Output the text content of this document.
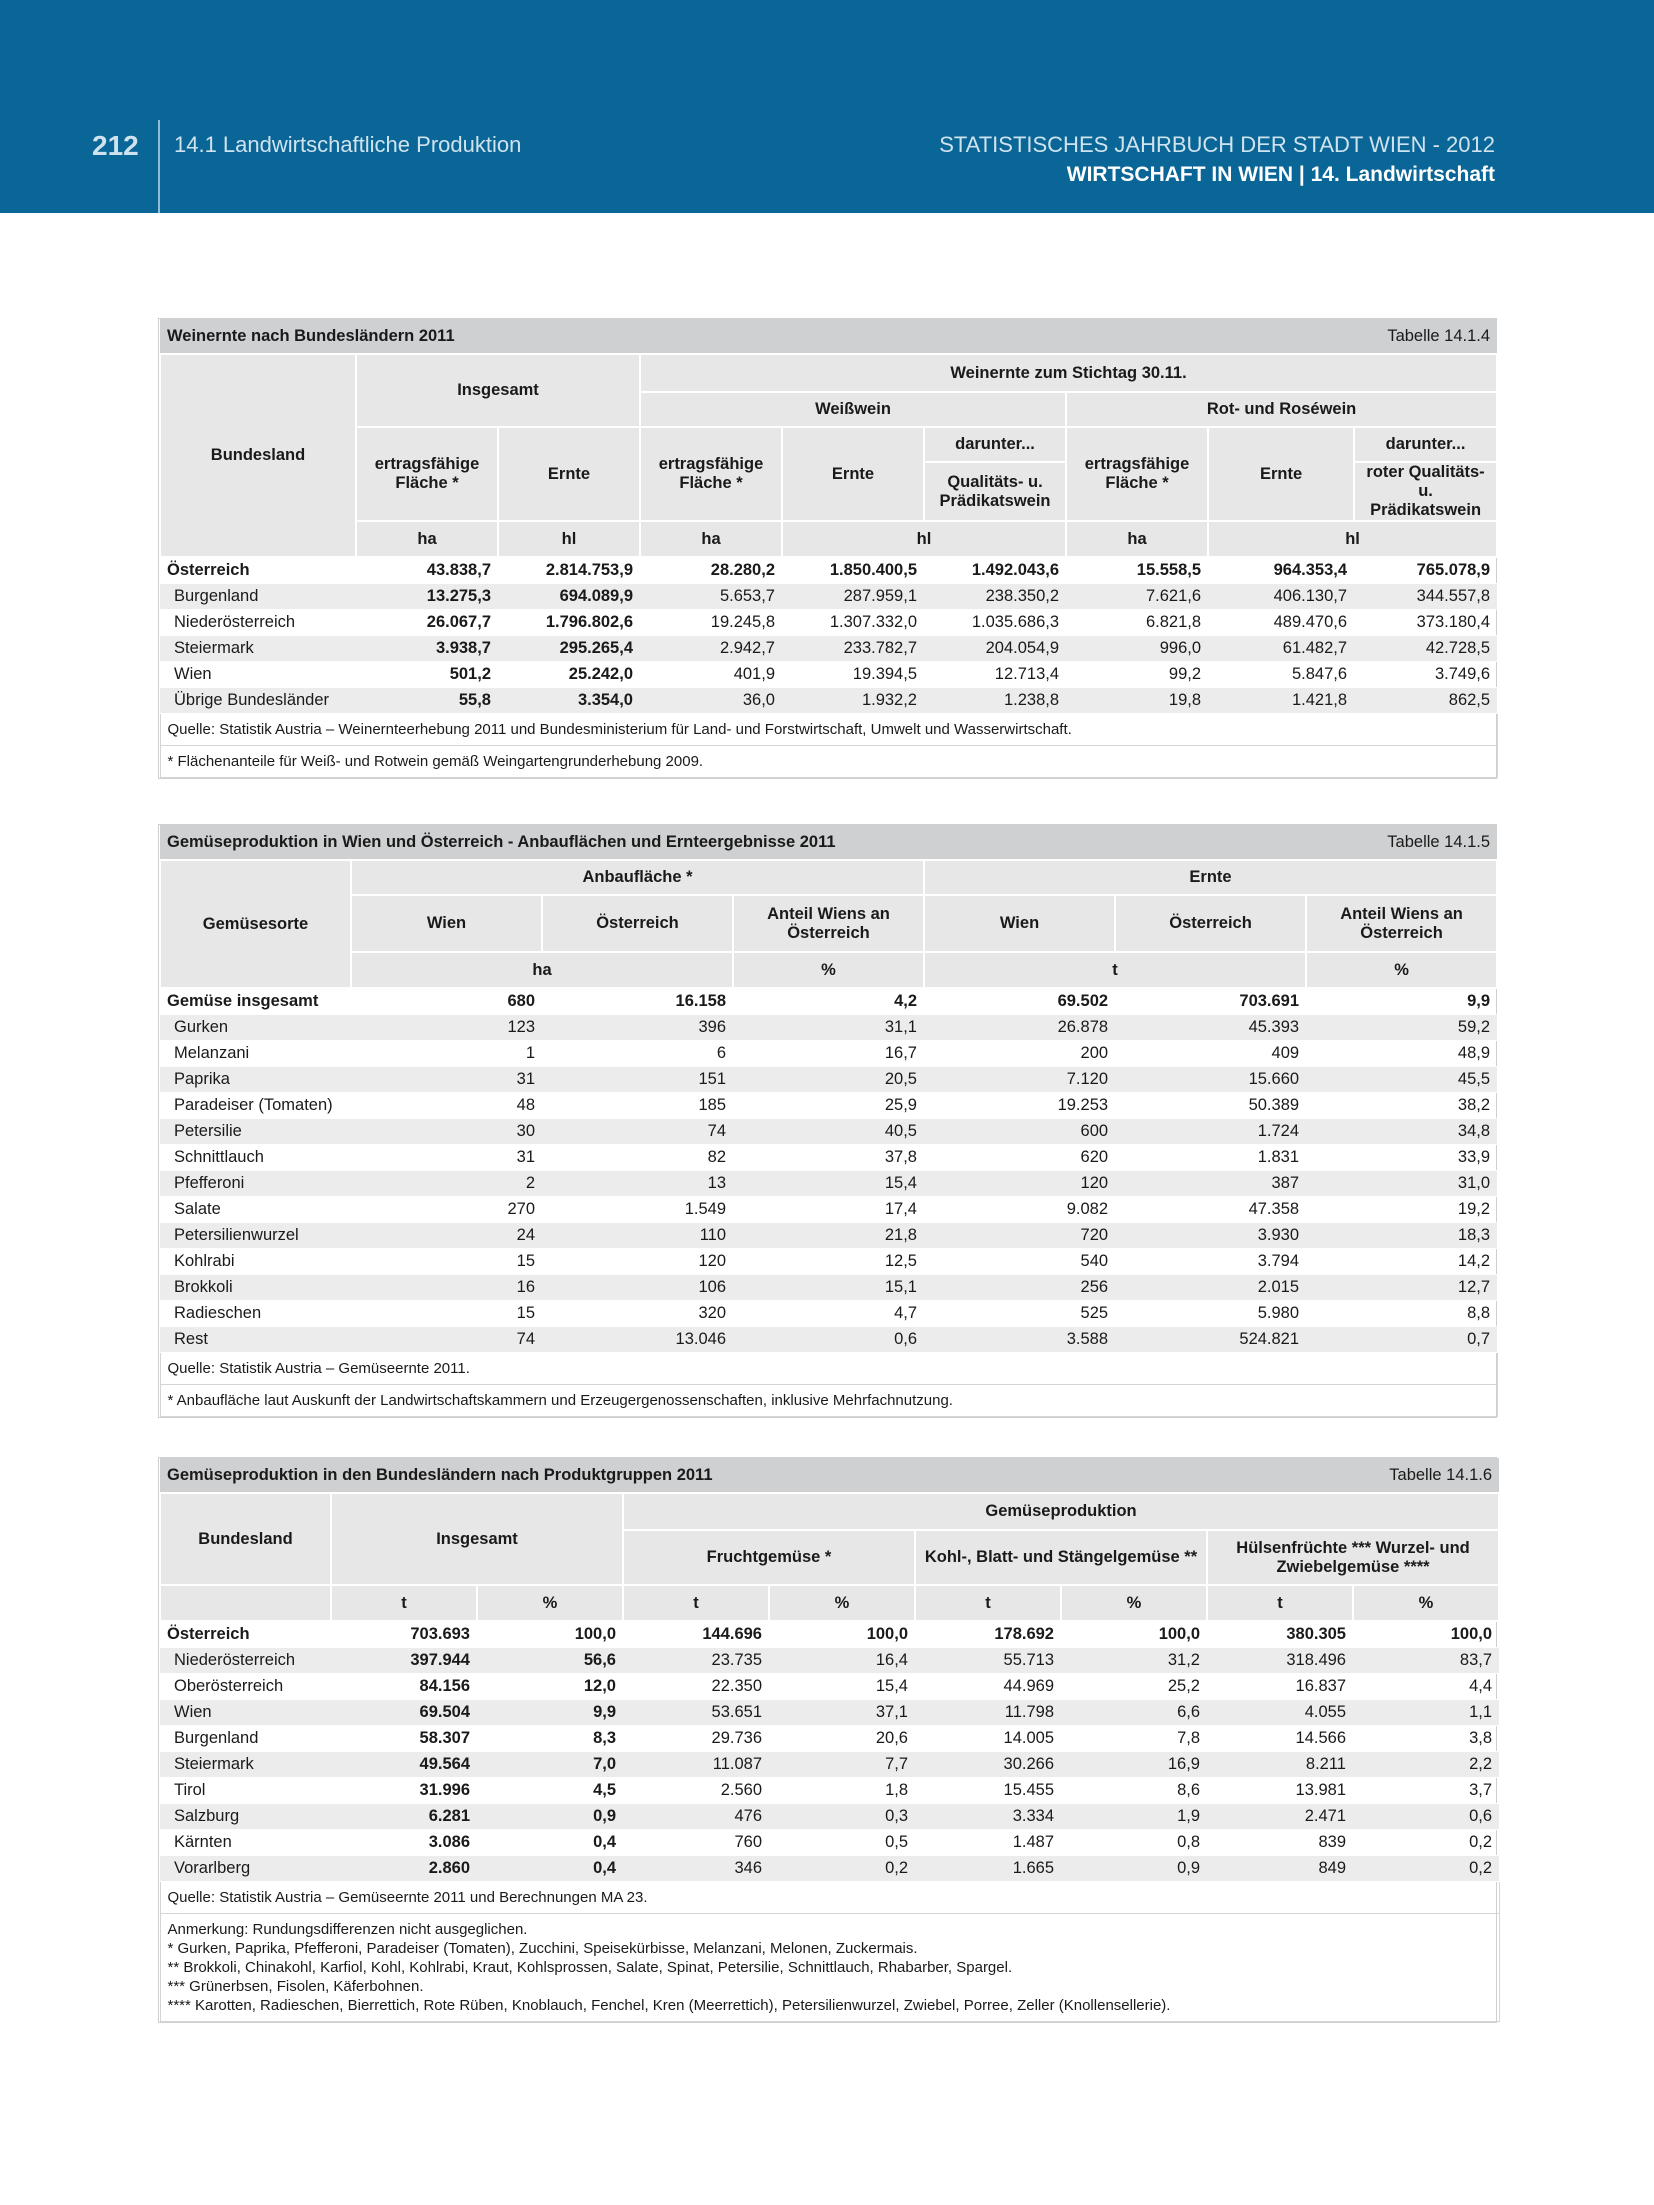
212 14.1 Landwirtschaftliche Produktion	STATISTISCHES JAHRBUCH DER STADT WIEN - 2012
WIRTSCHAFT IN WIEN | 14. Landwirtschaft
Weinernte nach Bundesländern 2011						Tabelle 14.1.4		
Bundesland	Insgesamt		Weinernte zum Stichtag 30.11.					
			Weißwein			Rot- und Roséwein		
	ertragsfähige Fläche *	Ernte	ertragsfähige Fläche *	Ernte	darunter...	ertragsfähige Fläche *	Ernte	darunter...
					Qualitäts- u. Prädikatswein			roter Qualitäts- u. Prädikatswein
	ha	hl	ha	hl		ha	hl	
Österreich	43.838,7	2.814.753,9	28.280,2	1.850.400,5	1.492.043,6	15.558,5	964.353,4	765.078,9
Burgenland	13.275,3	694.089,9	5.653,7	287.959,1	238.350,2	7.621,6	406.130,7	344.557,8
Niederösterreich	26.067,7	1.796.802,6	19.245,8	1.307.332,0	1.035.686,3	6.821,8	489.470,6	373.180,4
Steiermark	3.938,7	295.265,4	2.942,7	233.782,7	204.054,9	996,0	61.482,7	42.728,5
Wien	501,2	25.242,0	401,9	19.394,5	12.713,4	99,2	5.847,6	3.749,6
Übrige Bundesländer	55,8	3.354,0	36,0	1.932,2	1.238,8	19,8	1.421,8	862,5
Quelle: Statistik Austria – Weinernteerhebung 2011 und Bundesministerium für Land- und Forstwirtschaft, Umwelt und Wasserwirtschaft.								
* Flächenanteile für Weiß- und Rotwein gemäß Weingartengrunderhebung 2009.								
Gemüseproduktion in Wien und Österreich - Anbauflächen und Ernteergebnisse 2011					Tabelle 14.1.5	
Gemüsesorte	Anbaufläche *			Ernte		
	Wien	Österreich	Anteil Wiens an Österreich	Wien	Österreich	Anteil Wiens an Österreich
	ha		%	t		%
Gemüse insgesamt	680	16.158	4,2	69.502	703.691	9,9
Gurken	123	396	31,1	26.878	45.393	59,2
Melanzani	1	6	16,7	200	409	48,9
Paprika	31	151	20,5	7.120	15.660	45,5
Paradeiser (Tomaten)	48	185	25,9	19.253	50.389	38,2
Petersilie	30	74	40,5	600	1.724	34,8
Schnittlauch	31	82	37,8	620	1.831	33,9
Pfefferoni	2	13	15,4	120	387	31,0
Salate	270	1.549	17,4	9.082	47.358	19,2
Petersilienwurzel	24	110	21,8	720	3.930	18,3
Kohlrabi	15	120	12,5	540	3.794	14,2
Brokkoli	16	106	15,1	256	2.015	12,7
Radieschen	15	320	4,7	525	5.980	8,8
Rest	74	13.046	0,6	3.588	524.821	0,7
Quelle: Statistik Austria – Gemüseernte 2011.						
* Anbaufläche laut Auskunft der Landwirtschaftskammern und Erzeugergenossenschaften, inklusive Mehrfachnutzung.						
Gemüseproduktion in den Bundesländern nach Produktgruppen 2011						Tabelle 14.1.6		
Bundesland	Insgesamt		Gemüseproduktion					
			Fruchtgemüse *		Kohl-, Blatt- und Stängelgemüse **		Hülsenfrüchte *** Wurzel- und Zwiebelgemüse ****	
	t	%	t	%	t	%	t	%
Österreich	703.693	100,0	144.696	100,0	178.692	100,0	380.305	100,0
Niederösterreich	397.944	56,6	23.735	16,4	55.713	31,2	318.496	83,7
Oberösterreich	84.156	12,0	22.350	15,4	44.969	25,2	16.837	4,4
Wien	69.504	9,9	53.651	37,1	11.798	6,6	4.055	1,1
Burgenland	58.307	8,3	29.736	20,6	14.005	7,8	14.566	3,8
Steiermark	49.564	7,0	11.087	7,7	30.266	16,9	8.211	2,2
Tirol	31.996	4,5	2.560	1,8	15.455	8,6	13.981	3,7
Salzburg	6.281	0,9	476	0,3	3.334	1,9	2.471	0,6
Kärnten	3.086	0,4	760	0,5	1.487	0,8	839	0,2
Vorarlberg	2.860	0,4	346	0,2	1.665	0,9	849	0,2
Quelle: Statistik Austria – Gemüseernte 2011 und Berechnungen MA 23.								

Anmerkung: Rundungsdifferenzen nicht ausgeglichen.
* Gurken, Paprika, Pfefferoni, Paradeiser (Tomaten), Zucchini, Speisekürbisse, Melanzani, Melonen, Zuckermais.
** Brokkoli, Chinakohl, Karfiol, Kohl, Kohlrabi, Kraut, Kohlsprossen, Salate, Spinat, Petersilie, Schnittlauch, Rhabarber, Spargel.
*** Grünerbsen, Fisolen, Käferbohnen.
**** Karotten, Radieschen, Bierrettich, Rote Rüben, Knoblauch, Fenchel, Kren (Meerrettich), Petersilienwurzel, Zwiebel, Porree, Zeller (Knollensellerie).								
